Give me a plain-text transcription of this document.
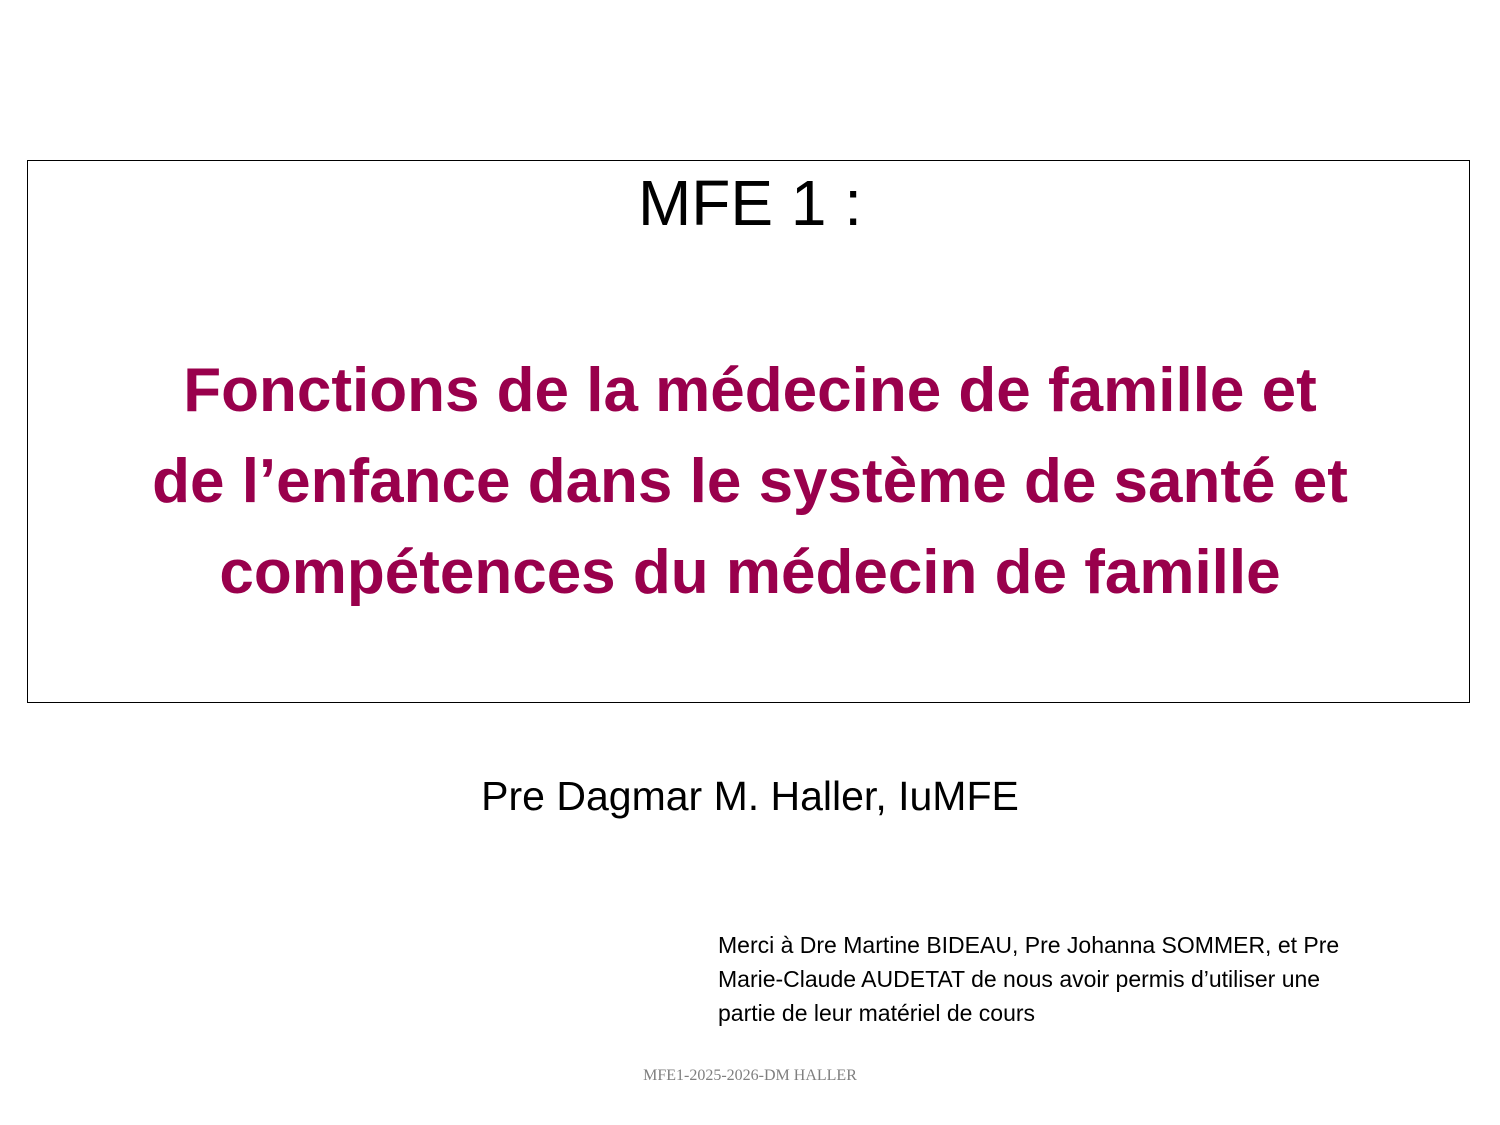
MFE 1 :
Fonctions de la médecine de famille et
de l’enfance dans le système de santé et
compétences du médecin de famille
Pre Dagmar M. Haller, IuMFE
Merci à Dre Martine BIDEAU, Pre Johanna SOMMER, et Pre
Marie-Claude AUDETAT de nous avoir permis d’utiliser une
partie de leur matériel de cours
MFE1-2025-2026-DM HALLER
